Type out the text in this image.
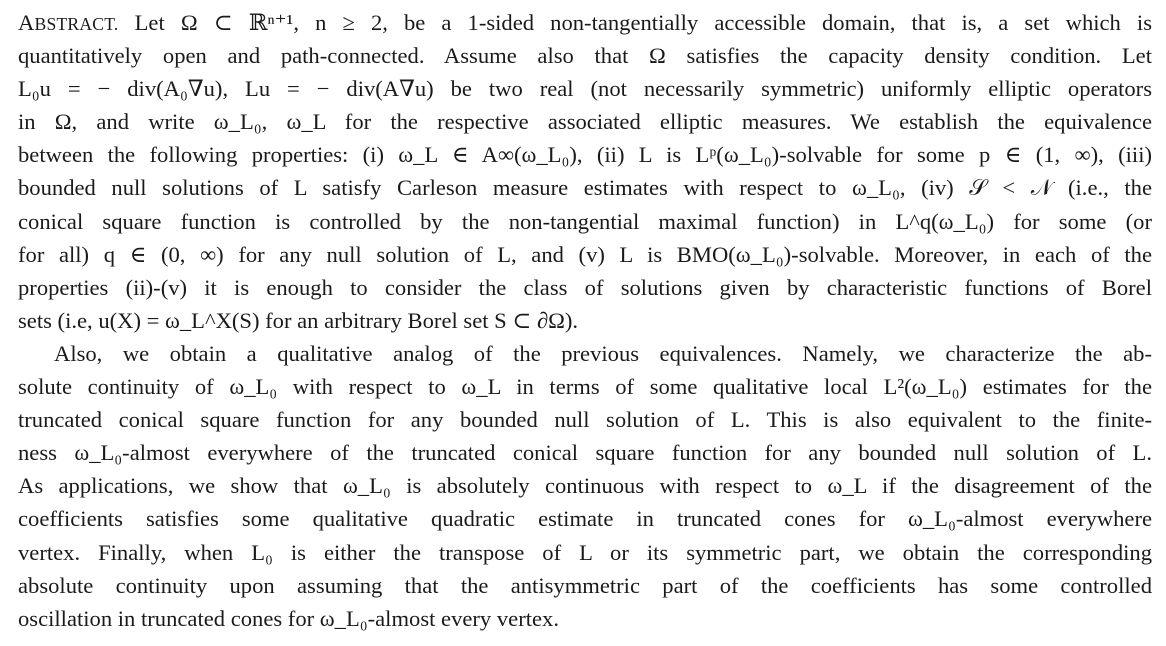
ABSTRACT. Let Ω ⊂ ℝⁿ⁺¹, n ≥ 2, be a 1-sided non-tangentially accessible domain, that is, a set which is
quantitatively open and path-connected. Assume also that Ω satisfies the capacity density condition. Let
L₀u = − div(A₀∇u), Lu = − div(A∇u) be two real (not necessarily symmetric) uniformly elliptic operators
in Ω, and write ω_L₀, ω_L for the respective associated elliptic measures. We establish the equivalence
between the following properties: (i) ω_L ∈ A∞(ω_L₀), (ii) L is Lᵖ(ω_L₀)-solvable for some p ∈ (1, ∞), (iii)
bounded null solutions of L satisfy Carleson measure estimates with respect to ω_L₀, (iv) 𝒮 < 𝒩 (i.e., the
conical square function is controlled by the non-tangential maximal function) in L^q(ω_L₀) for some (or
for all) q ∈ (0, ∞) for any null solution of L, and (v) L is BMO(ω_L₀)-solvable. Moreover, in each of the
properties (ii)-(v) it is enough to consider the class of solutions given by characteristic functions of Borel
sets (i.e, u(X) = ω_L^X(S) for an arbitrary Borel set S ⊂ ∂Ω).
Also, we obtain a qualitative analog of the previous equivalences. Namely, we characterize the ab-
solute continuity of ω_L₀ with respect to ω_L in terms of some qualitative local L²(ω_L₀) estimates for the
truncated conical square function for any bounded null solution of L. This is also equivalent to the finite-
ness ω_L₀-almost everywhere of the truncated conical square function for any bounded null solution of L.
As applications, we show that ω_L₀ is absolutely continuous with respect to ω_L if the disagreement of the
coefficients satisfies some qualitative quadratic estimate in truncated cones for ω_L₀-almost everywhere
vertex. Finally, when L₀ is either the transpose of L or its symmetric part, we obtain the corresponding
absolute continuity upon assuming that the antisymmetric part of the coefficients has some controlled
oscillation in truncated cones for ω_L₀-almost every vertex.
